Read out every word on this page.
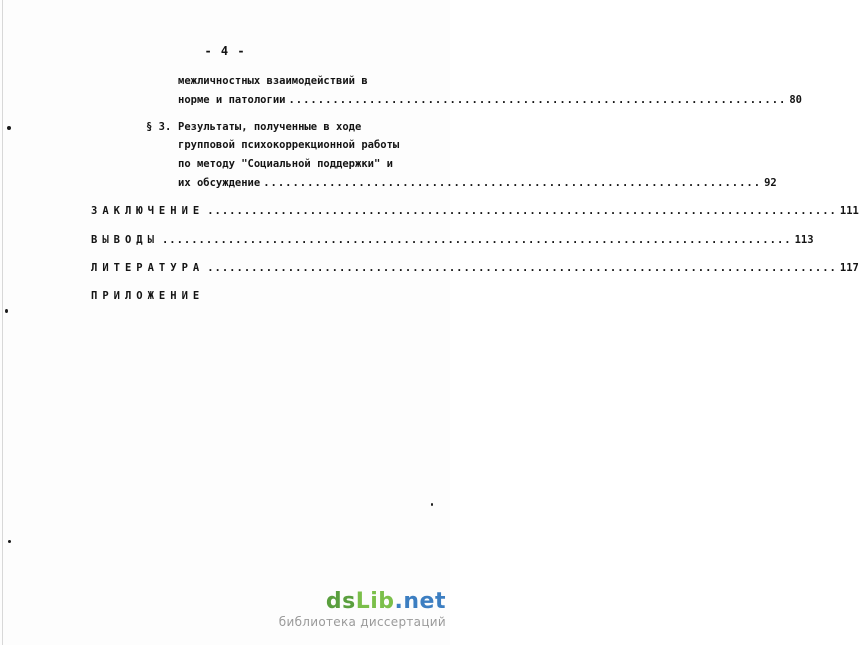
- 4 -
межличностных взаимодействий в
норме и патологии .................................................................... 80
§ 3. Результаты, полученные в ходе
групповой психокоррекционной работы
по методу "Социальной поддержки" и
их обсуждение .................................................................... 92
ЗАКЛЮЧЕНИЕ ...................................................................................... 111
ВЫВОДЫ ...................................................................................... 113
ЛИТЕРАТУРА ...................................................................................... 117
ПРИЛОЖЕНИЕ
dsLib.net
библиотека диссертаций
